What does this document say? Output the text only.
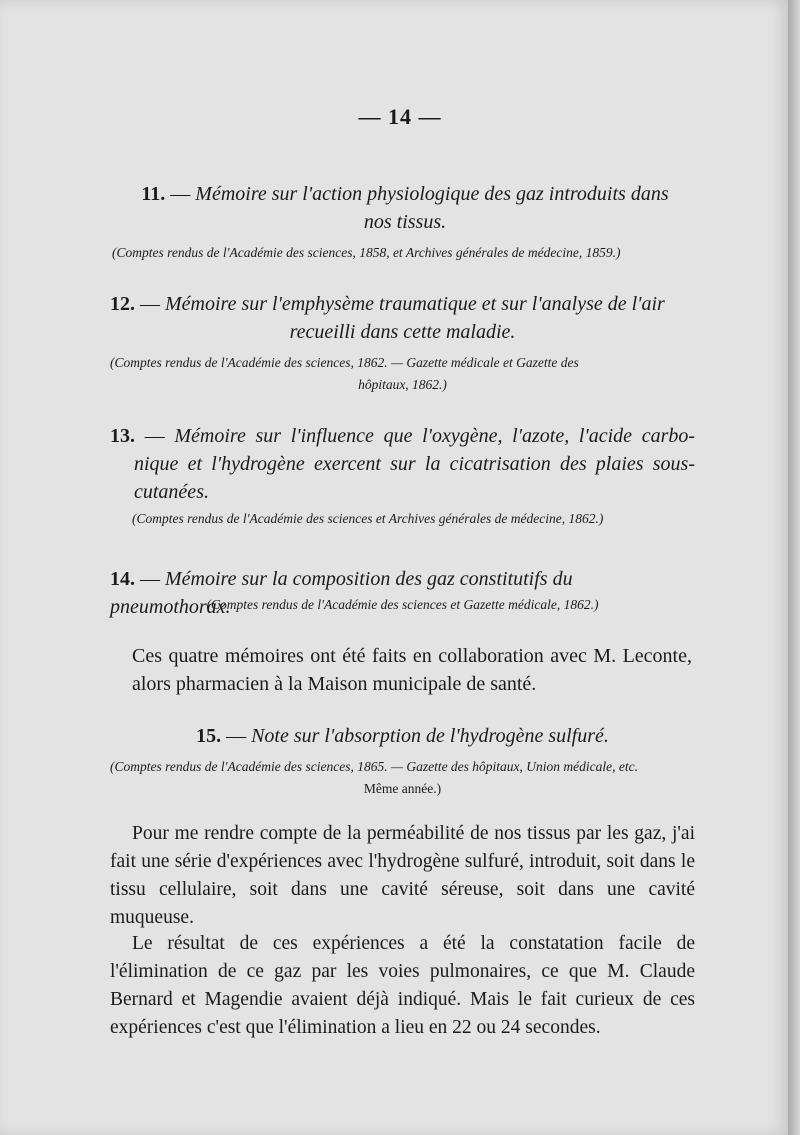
— 14 —
11. — Mémoire sur l'action physiologique des gaz introduits dans nos tissus.
(Comptes rendus de l'Académie des sciences, 1858, et Archives générales de médecine, 1859.)
12. — Mémoire sur l'emphysème traumatique et sur l'analyse de l'air
recueilli dans cette maladie.
(Comptes rendus de l'Académie des sciences, 1862. — Gazette médicale et Gazette des
hôpitaux, 1862.)
13. — Mémoire sur l'influence que l'oxygène, l'azote, l'acide carbo-
nique et l'hydrogène exercent sur la cicatrisation des plaies sous-
cutanées.
(Comptes rendus de l'Académie des sciences et Archives générales de médecine, 1862.)
14. — Mémoire sur la composition des gaz constitutifs du pneumothorax.
(Comptes rendus de l'Académie des sciences et Gazette médicale, 1862.)
Ces quatre mémoires ont été faits en collaboration avec M. Leconte, alors pharmacien à la Maison municipale de santé.
15. — Note sur l'absorption de l'hydrogène sulfuré.
(Comptes rendus de l'Académie des sciences, 1865. — Gazette des hôpitaux, Union médicale, etc.
Même année.)
Pour me rendre compte de la perméabilité de nos tissus par les gaz, j'ai fait une série d'expériences avec l'hydrogène sulfuré, introduit, soit dans le tissu cellulaire, soit dans une cavité séreuse, soit dans une cavité muqueuse.
Le résultat de ces expériences a été la constatation facile de l'élimination de ce gaz par les voies pulmonaires, ce que M. Claude Bernard et Magendie avaient déjà indiqué. Mais le fait curieux de ces expériences c'est que l'élimination a lieu en 22 ou 24 secondes.
